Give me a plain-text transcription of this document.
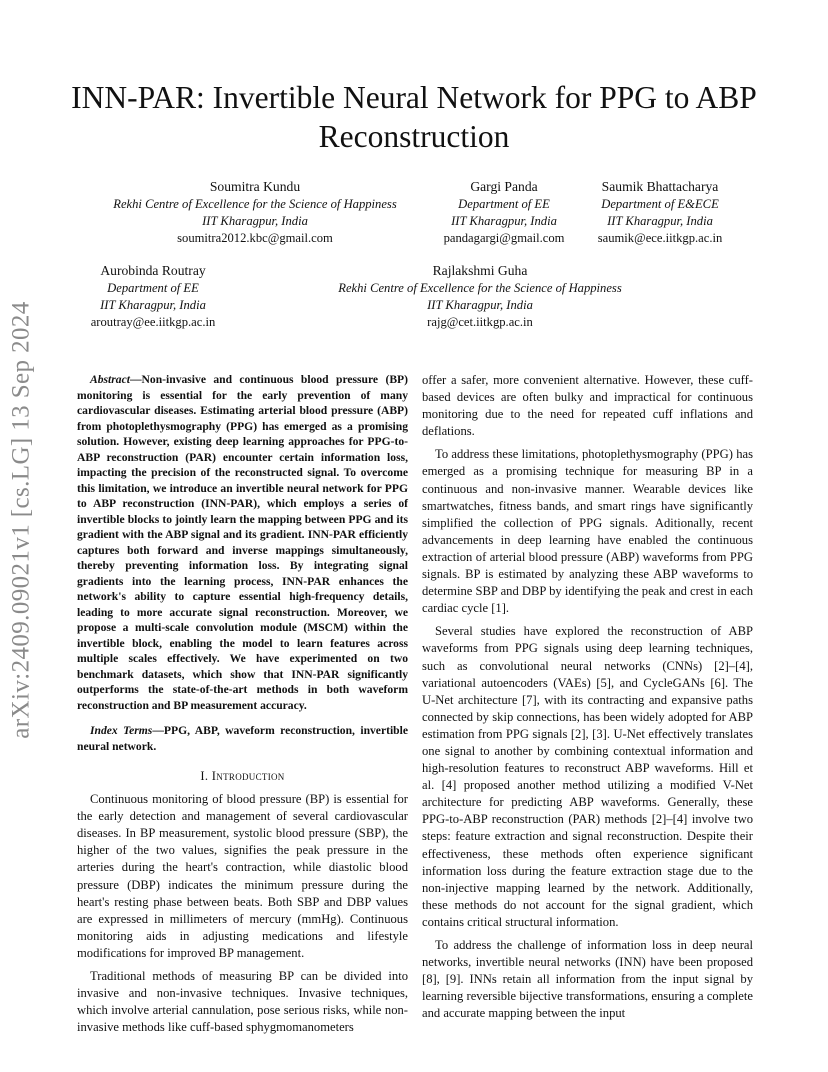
arXiv:2409.09021v1 [cs.LG] 13 Sep 2024
INN-PAR: Invertible Neural Network for PPG to ABP Reconstruction
Soumitra Kundu
Rekhi Centre of Excellence for the Science of Happiness
IIT Kharagpur, India
soumitra2012.kbc@gmail.com
Gargi Panda
Department of EE
IIT Kharagpur, India
pandagargi@gmail.com
Saumik Bhattacharya
Department of E&ECE
IIT Kharagpur, India
saumik@ece.iitkgp.ac.in
Aurobinda Routray
Department of EE
IIT Kharagpur, India
aroutray@ee.iitkgp.ac.in
Rajlakshmi Guha
Rekhi Centre of Excellence for the Science of Happiness
IIT Kharagpur, India
rajg@cet.iitkgp.ac.in

Abstract—Non-invasive and continuous blood pressure (BP) monitoring is essential for the early prevention of many cardiovascular diseases. Estimating arterial blood pressure (ABP) from photoplethysmography (PPG) has emerged as a promising solution. However, existing deep learning approaches for PPG-to-ABP reconstruction (PAR) encounter certain information loss, impacting the precision of the reconstructed signal. To overcome this limitation, we introduce an invertible neural network for PPG to ABP reconstruction (INN-PAR), which employs a series of invertible blocks to jointly learn the mapping between PPG and its gradient with the ABP signal and its gradient. INN-PAR efficiently captures both forward and inverse mappings simultaneously, thereby preventing information loss. By integrating signal gradients into the learning process, INN-PAR enhances the network's ability to capture essential high-frequency details, leading to more accurate signal reconstruction. Moreover, we propose a multi-scale convolution module (MSCM) within the invertible block, enabling the model to learn features across multiple scales effectively. We have experimented on two benchmark datasets, which show that INN-PAR significantly outperforms the state-of-the-art methods in both waveform reconstruction and BP measurement accuracy.

Index Terms—PPG, ABP, waveform reconstruction, invertible neural network.

I. Introduction

Continuous monitoring of blood pressure (BP) is essential for the early detection and management of several cardiovascular diseases. In BP measurement, systolic blood pressure (SBP), the higher of the two values, signifies the peak pressure in the arteries during the heart's contraction, while diastolic blood pressure (DBP) indicates the minimum pressure during the heart's resting phase between beats. Both SBP and DBP values are expressed in millimeters of mercury (mmHg). Continuous monitoring aids in adjusting medications and lifestyle modifications for improved BP management.

Traditional methods of measuring BP can be divided into invasive and non-invasive techniques. Invasive techniques, which involve arterial cannulation, pose serious risks, while non-invasive methods like cuff-based sphygmomanometers

offer a safer, more convenient alternative. However, these cuff-based devices are often bulky and impractical for continuous monitoring due to the need for repeated cuff inflations and deflations.

To address these limitations, photoplethysmography (PPG) has emerged as a promising technique for measuring BP in a continuous and non-invasive manner. Wearable devices like smartwatches, fitness bands, and smart rings have significantly simplified the collection of PPG signals. Aditionally, recent advancements in deep learning have enabled the continuous extraction of arterial blood pressure (ABP) waveforms from PPG signals. BP is estimated by analyzing these ABP waveforms to determine SBP and DBP by identifying the peak and crest in each cardiac cycle [1].

Several studies have explored the reconstruction of ABP waveforms from PPG signals using deep learning techniques, such as convolutional neural networks (CNNs) [2]–[4], variational autoencoders (VAEs) [5], and CycleGANs [6]. The U-Net architecture [7], with its contracting and expansive paths connected by skip connections, has been widely adopted for ABP estimation from PPG signals [2], [3]. U-Net effectively translates one signal to another by combining contextual information and high-resolution features to reconstruct ABP waveforms. Hill et al. [4] proposed another method utilizing a modified V-Net architecture for predicting ABP waveforms. Generally, these PPG-to-ABP reconstruction (PAR) methods [2]–[4] involve two steps: feature extraction and signal reconstruction. Despite their effectiveness, these methods often experience significant information loss during the feature extraction stage due to the non-injective mapping learned by the network. Additionally, these methods do not account for the signal gradient, which contains critical structural information.

To address the challenge of information loss in deep neural networks, invertible neural networks (INN) have been proposed [8], [9]. INNs retain all information from the input signal by learning reversible bijective transformations, ensuring a complete and accurate mapping between the input
